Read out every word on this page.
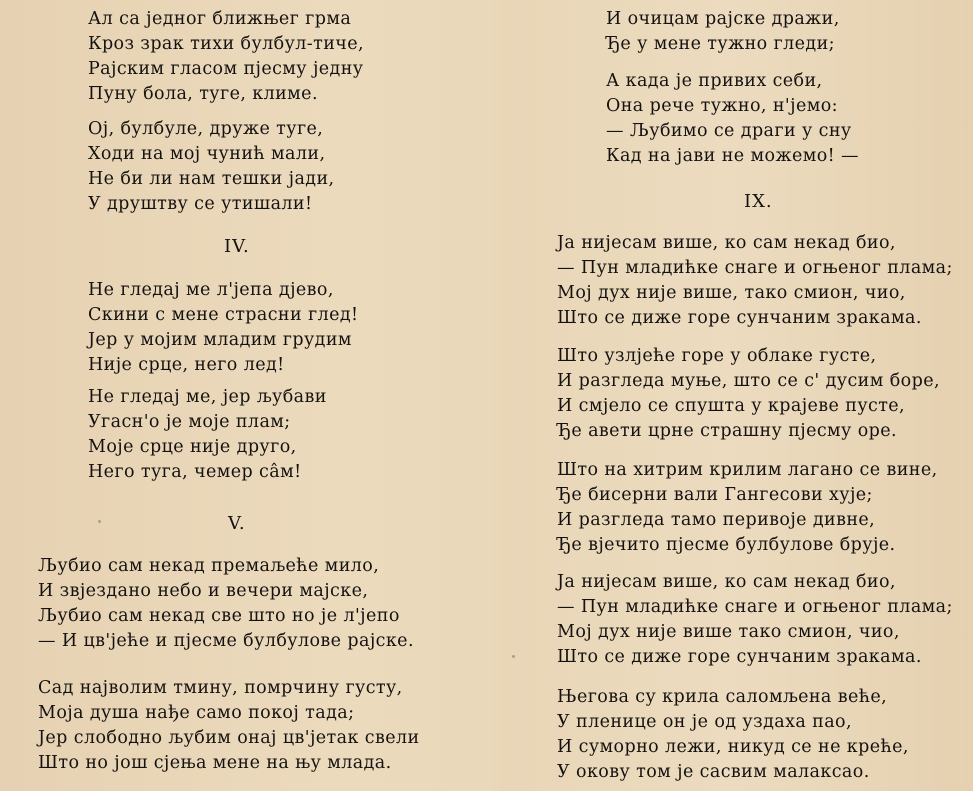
Ал са једног ближњег грма
Кроз зрак тихи булбул-тиче,
Рајским гласом пјесму једну
Пуну бола, туге, климе.
Ој, булбуле, друже туге,
Ходи на мој чунић мали,
Не би ли нам тешки јади,
У друштву се утишали!
IV.
Не гледај ме л'јепа дјево,
Скини с мене страсни глед!
Јер у мојим младим грудим
Није срце, него лед!
Не гледај ме, јер љубави
Угасн'о је моје плам;
Моје срце није друго,
Него туга, чемер сâм!
V.
Љубио сам некад премаљеће мило,
И звјездано небо и вечери мајске,
Љубио сам некад све што но је л'јепо
— И цв'јеће и пјесме булбулове рајске.
Сад најволим тмину, помрчину густу,
Моја душа нађе само покој тада;
Јер слободно љубим онај цв'јетак свели
Што но још сјења мене на њу млада.
И очицам рајске дражи,
Ђе у мене тужно гледи;
А када је привих себи,
Она рече тужно, н'јемо:
— Љубимо се драги у сну
Кад на јави не можемо! —
IX.
Ја нијесам више, ко сам некад био,
— Пун младићке снаге и огњеног плама;
Мој дух није више, тако смион, чио,
Што се диже горе сунчаним зракама.
Што узлјеће горе у облаке густе,
И разгледа муње, што се с' дусим боре,
И смјело се спушта у крајеве пусте,
Ђе авети црне страшну пјесму оре.
Што на хитрим крилим лагано се вине,
Ђе бисерни вали Гангесови хује;
И разгледа тамо перивоје дивне,
Ђе вјечито пјесме булбулове брује.
Ја нијесам више, ко сам некад био,
— Пун младићке снаге и огњеног плама;
Мој дух није више тако смион, чио,
Што се диже горе сунчаним зракама.
Његова су крила саломљена веће,
У пленице он је од уздаха пао,
И суморно лежи, никуд се не креће,
У окову том је сасвим малаксао.
